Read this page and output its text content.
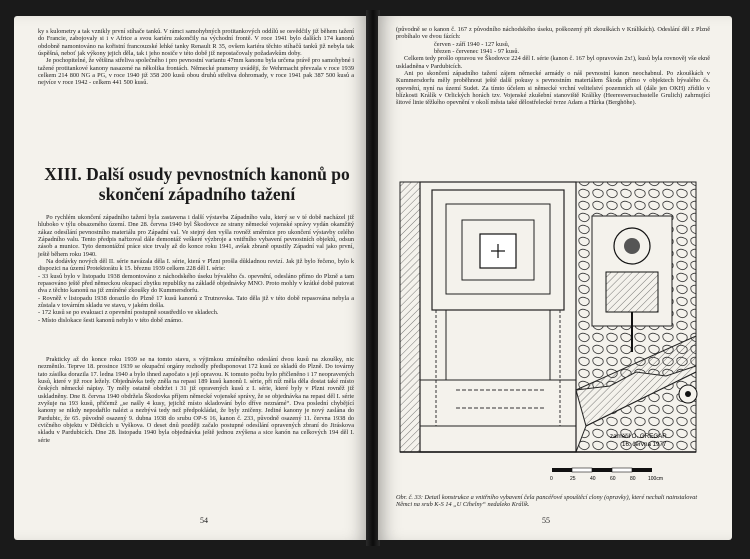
ky s kulometry a tak vznikly první stíhače tanků. V rámci samohybných protitankových oddílů se osvědčily již během tažení do Francie, zabojovaly si i v Africe a svou kariéru zakončily na východní frontě. V roce 1941 bylo dalších 174 kanonů obdobně namontováno na kořistní francouzské lehké tanky Renault R 35, ovšem kariéra těchto stíhačů tanků již nebyla tak úspěšná, neboť jak výkony jejich děla, tak i jeho nosiče v této době již nepostačovaly požadavkům doby.

Je pochopitelné, že většina střeliva společného i pro pevnostní variantu 47mm kanonu byla určena právě pro samohybné i tažené protitankové kanony nasazené na několika frontách. Německé prameny uvádějí, že Wehrmacht převzala v roce 1939 celkem 214 800 NG a PG, v roce 1940 již 358 200 kusů obou druhů střeliva dohromady, v roce 1941 pak 387 500 kusů a nejvíce v roce 1942 - celkem 441 500 kusů.

XIII. Další osudy pevnostních kanonů po skončení západního tažení

Po rychlém ukončení západního tažení byla zastavena i další výstavba Západního valu, který se v té době nacházel již hluboko v týlu obsazeného území. Dne 28. června 1940 byl Škodovce ze strany německé vojenské správy vydán okamžitý zákaz odesílání pevnostního materiálu pro Západní val. Ve stejný den vyšla rovněž směrnice pro ukončení výstavby celého Západního valu. Tento předpis nařizoval dále demontáž veškeré výzbroje a vnitřního vybavení pevnostních objektů, odsun zásob a munice. Tyto demontážní práce sice trvaly až do konce roku 1941, avšak zbraně opustily Západní val jako první, ještě během roku 1940.

Na dodávky nových děl II. série navázala děla I. série, která v Plzni prošla důkladnou revizí. Jak již bylo řečeno, bylo k dispozici na území Protektorátu k 15. březnu 1939 celkem 228 děl I. série:

- 33 kusů bylo v listopadu 1938 demontováno z náchodského úseku bývalého čs. opevnění, odesláno přímo do Plzně a tam repasováno ještě před německou okupací zbytku republiky na základě objednávky MNO. Proto mohly v krátké době putovat dva z těchto kanonů na již zmíněné zkoušky do Kummersdorfu.
- Rovněž v listopadu 1938 dorazilo do Plzně 17 kusů kanonů z Trutnovska. Tato děla již v této době repasována nebyla a zůstala v továrním skladu ve stavu, v jakém došla.
- 172 kusů se po evakuaci z opevnění postupně soustředilo ve skladech.
- Místo dislokace šesti kanonů nebylo v této době známo.

Prakticky až do konce roku 1939 se na tomto stavu, s výjimkou zmíněného odeslání dvou kusů na zkoušky, nic nezměnilo. Teprve 18. prosince 1939 se okupační orgány rozhodly předisponovat 172 kusů ze skladů do Plzně. Do továrny tato zásilka dorazila 17. ledna 1940 a bylo ihned započato s její opravou. K tomuto počtu bylo přičleněno i 17 neopravených kusů, které v již roce ležely. Objednávka tedy zněla na repasi 189 kusů kanonů I. série, při níž měla děla dostat také místo českých německé nápisy. Ty měly ostatně obdržet i 31 již opravených kusů z I. série, které byly v Plzni rovněž již uskladněny. Dne 8. června 1940 obdržela Škodovka příjem německé vojenské správy, že se objednávka na repasi děl I. série zvyšuje na 193 kusů, přičemž „se našly 4 kusy, jejichž místo skladování bylo dříve neznámé“. Dva poslední chybějící kanony se nikdy nepodařilo nalézt a nezbývá tedy než předpokládat, že byly zničeny. Jediné kanony je nový zaslána do Pardubic, že 65. původně osazený 9. dubna 1938 do srubu OP-S 16, kanon č. 233, původně osazený 11. června 1938 do cvičného objektu v Dědicích u Vyškova. O deset dnů později začalo postupné odesílání opravených zbraní do Jiráskova skladu v Pardubicích. Dne 28. listopadu 1940 byla objednávka ještě jednou zvýšena a sice kanón na celkových 194 děl I. série

54

(původně se o kanon č. 167 z původního náchodského úseku, poškozený při zkouškách v Králíkách). Odeslání děl z Plzně probíhalo ve dvou fázích:

červen - září 1940 - 127 kusů,
březen - červenec 1941 - 97 kusů.

Celkem tedy prošlo opravou ve Škodovce 224 děl I. série (kanon č. 167 byl opravován 2x!), kusů byla rovnověj vše ekně uskladněna v Pardubicích.

Ani po skončení západního tažení zájem německé armády o náš pevnostní kanon neochabnul. Po zkouškách v Kummersdorfu měly proběhnout ještě další pokusy s pevnostním materiálem Škoda přímo v objektech bývalého čs. opevnění, nyní na území Sudet. Za tímto účelem si německé vrchní velitelství pozemních sil (dále jen OKH) zřídilo v blízkosti Králík v Orlických horách tzv. Vojenské zkušební stanoviště Králíky (Heeresversuchsstelle Grulich) zahrnující šitové linie těžkého opevnění v okolí města také dělostřelecké tvrze Adam a Hůrka (Berghöhe).

0	25	40	60	80 100cm
zaměřil O. GREGAR
16. června 1977
Obr. č. 33: Detail konstrukce a vnitřního vybavení čela pancéřové spouštěcí clony (opravky), které nechali nainstalovat Němci na srub K-S 14 „U Cihelny“ nedaleko Králík.
55
